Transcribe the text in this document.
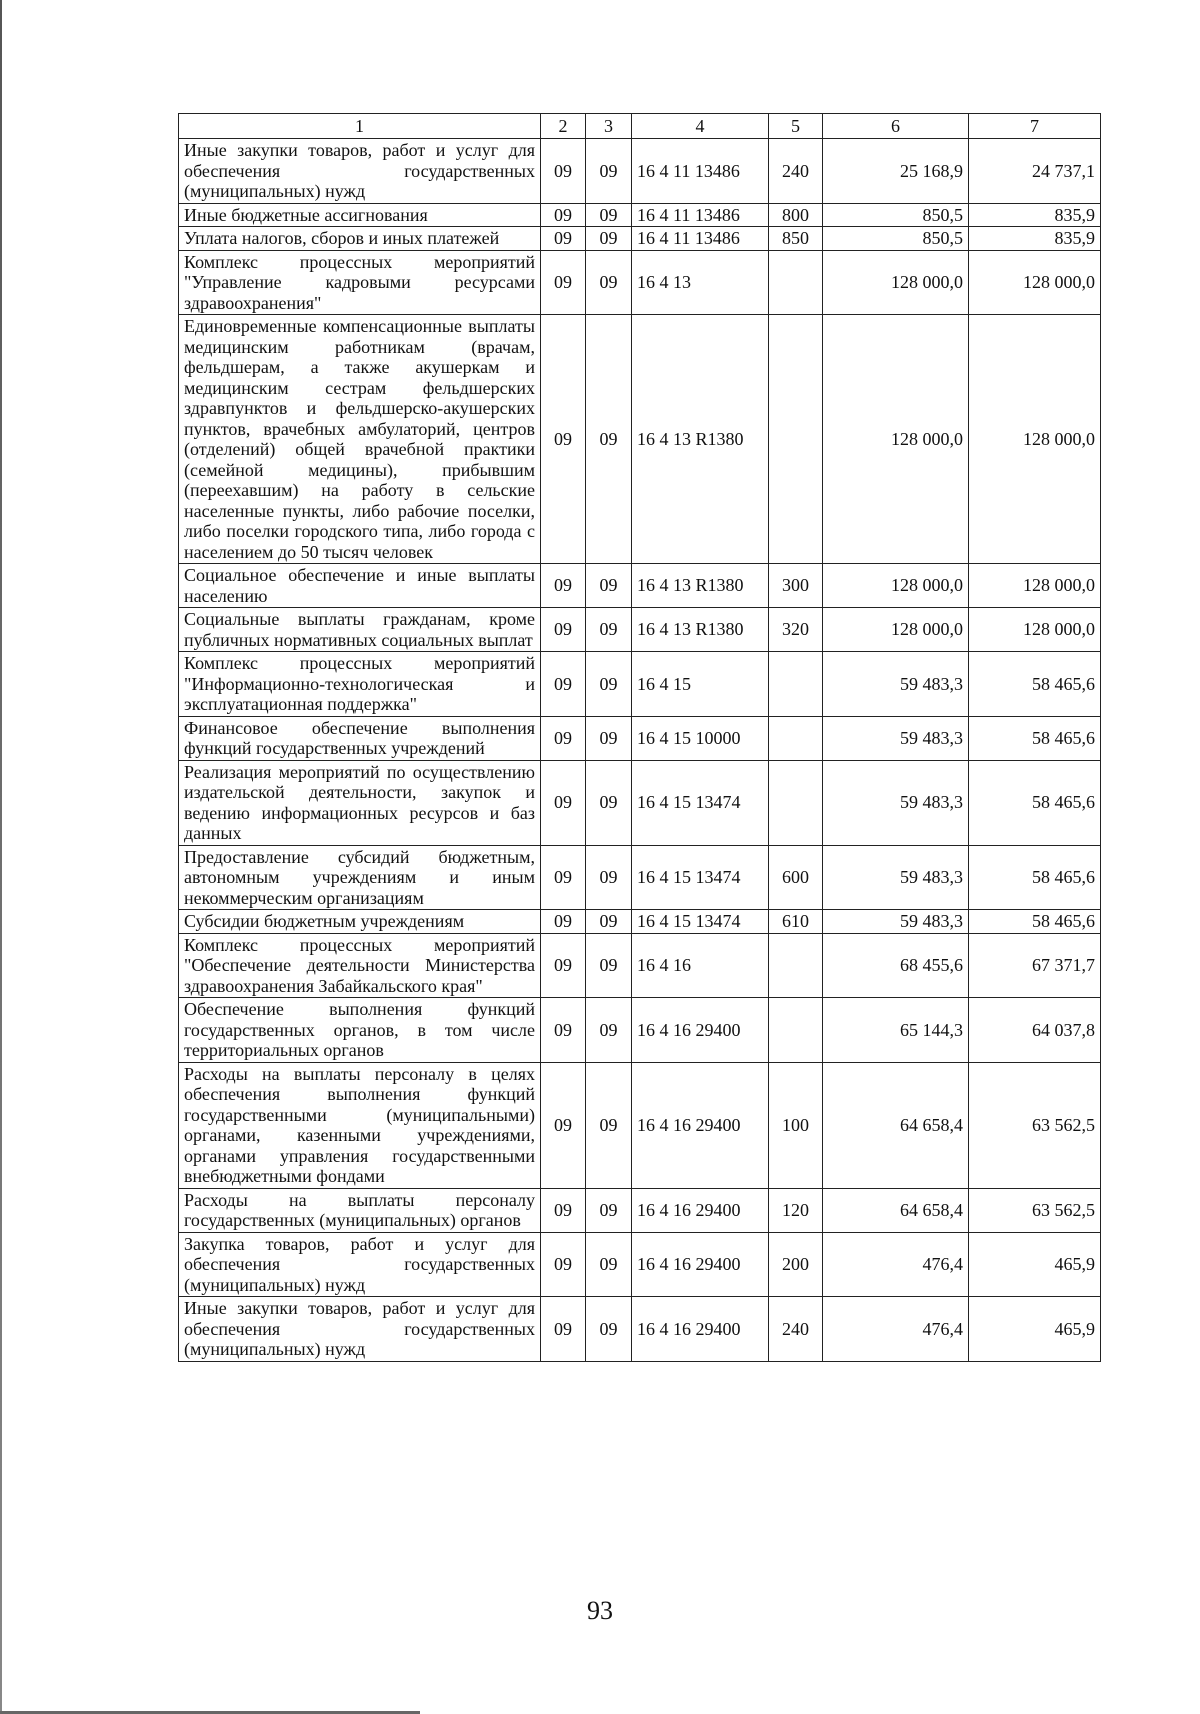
1	2	3	4	5	6	7
Иные закупки товаров, работ и услуг для обеспечения государственных (муниципальных) нужд	09	09	16 4 11 13486	240	25 168,9	24 737,1
Иные бюджетные ассигнования	09	09	16 4 11 13486	800	850,5	835,9
Уплата налогов, сборов и иных платежей	09	09	16 4 11 13486	850	850,5	835,9
Комплекс процессных мероприятий "Управление кадровыми ресурсами здравоохранения"	09	09	16 4 13		128 000,0	128 000,0
Единовременные компенсационные выплаты медицинским работникам (врачам, фельдшерам, а также акушеркам и медицинским сестрам фельдшерских здравпунктов и фельдшерско-акушерских пунктов, врачебных амбулаторий, центров (отделений) общей врачебной практики (семейной медицины), прибывшим (переехавшим) на работу в сельские населенные пункты, либо рабочие поселки, либо поселки городского типа, либо города с населением до 50 тысяч человек	09	09	16 4 13 R1380		128 000,0	128 000,0
Социальное обеспечение и иные выплаты населению	09	09	16 4 13 R1380	300	128 000,0	128 000,0
Социальные выплаты гражданам, кроме публичных нормативных социальных выплат	09	09	16 4 13 R1380	320	128 000,0	128 000,0
Комплекс процессных мероприятий "Информационно-технологическая и эксплуатационная поддержка"	09	09	16 4 15		59 483,3	58 465,6
Финансовое обеспечение выполнения функций государственных учреждений	09	09	16 4 15 10000		59 483,3	58 465,6
Реализация мероприятий по осуществлению издательской деятельности, закупок и ведению информационных ресурсов и баз данных	09	09	16 4 15 13474		59 483,3	58 465,6
Предоставление субсидий бюджетным, автономным учреждениям и иным некоммерческим организациям	09	09	16 4 15 13474	600	59 483,3	58 465,6
Субсидии бюджетным учреждениям	09	09	16 4 15 13474	610	59 483,3	58 465,6
Комплекс процессных мероприятий "Обеспечение деятельности Министерства здравоохранения Забайкальского края"	09	09	16 4 16		68 455,6	67 371,7
Обеспечение выполнения функций государственных органов, в том числе территориальных органов	09	09	16 4 16 29400		65 144,3	64 037,8
Расходы на выплаты персоналу в целях обеспечения выполнения функций государственными (муниципальными) органами, казенными учреждениями, органами управления государственными внебюджетными фондами	09	09	16 4 16 29400	100	64 658,4	63 562,5
Расходы на выплаты персоналу государственных (муниципальных) органов	09	09	16 4 16 29400	120	64 658,4	63 562,5
Закупка товаров, работ и услуг для обеспечения государственных (муниципальных) нужд	09	09	16 4 16 29400	200	476,4	465,9
Иные закупки товаров, работ и услуг для обеспечения государственных (муниципальных) нужд	09	09	16 4 16 29400	240	476,4	465,9
93
